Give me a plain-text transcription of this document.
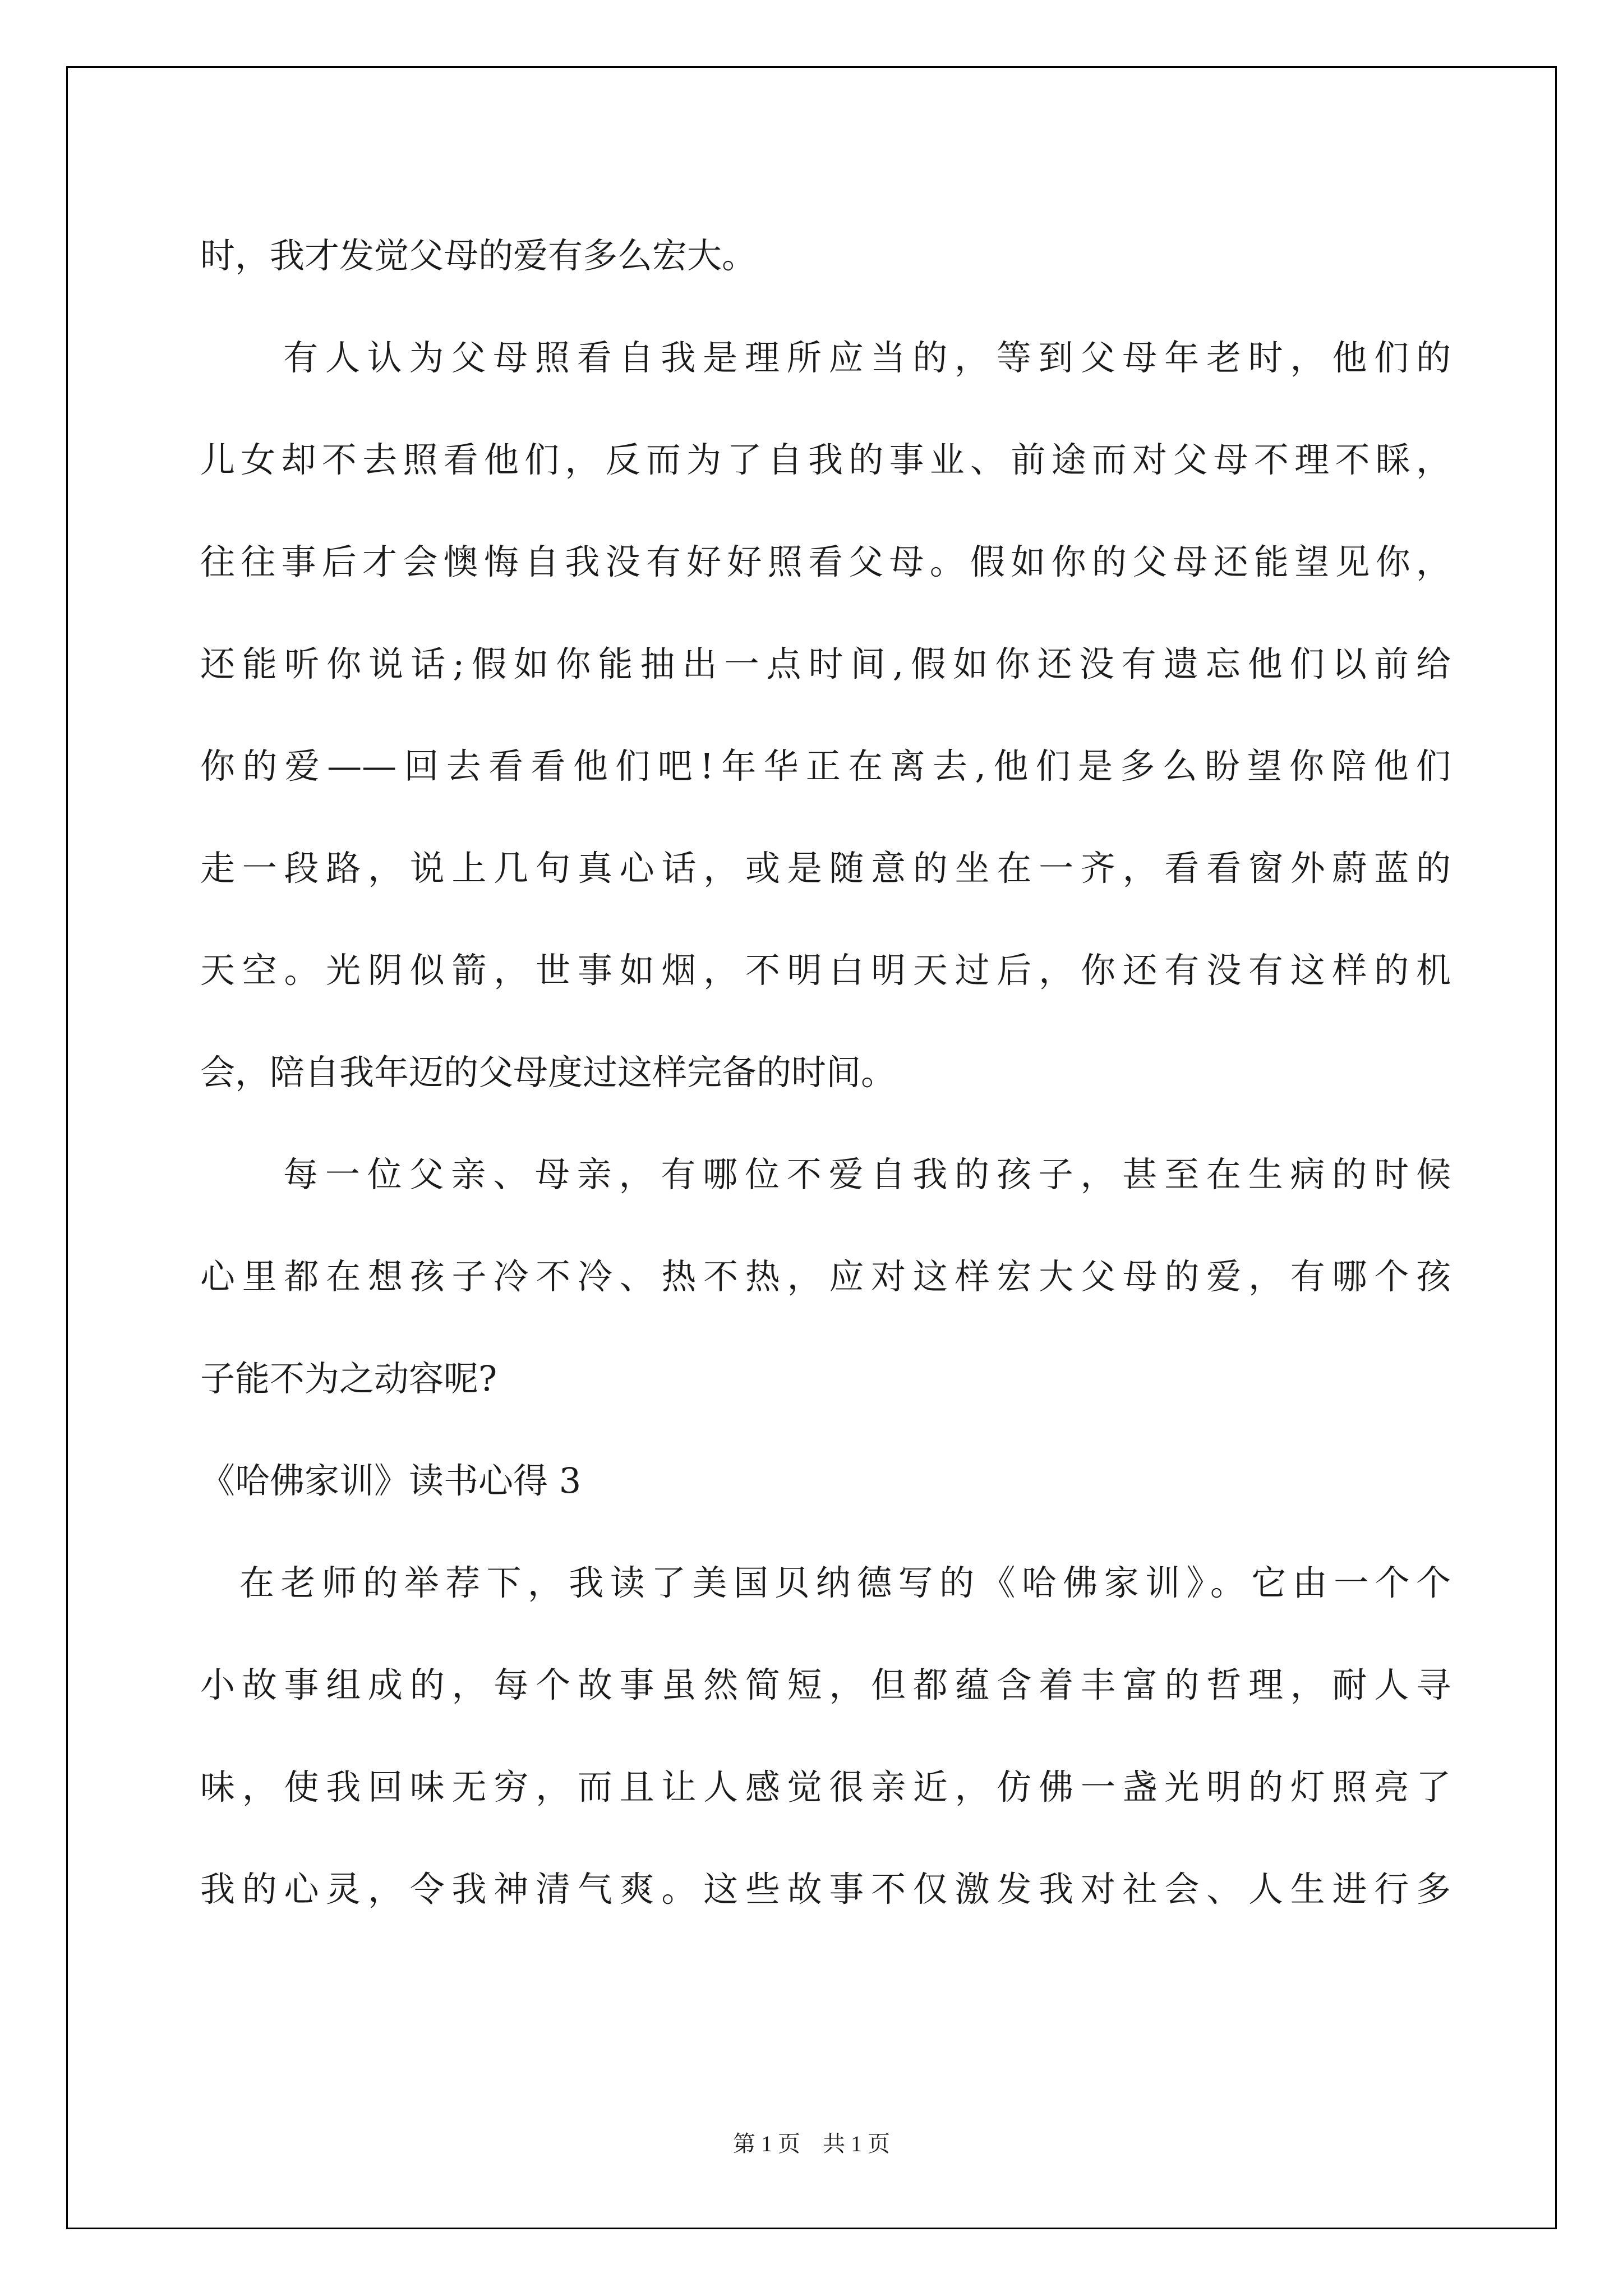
时，我才发觉父母的爱有多么宏大。

有人认为父母照看自我是理所应当的，等到父母年老时，他们的

儿女却不去照看他们，反而为了自我的事业、前途而对父母不理不睬，

往往事后才会懊悔自我没有好好照看父母。假如你的父母还能望见你，

还能听你说话;假如你能抽出一点时间,假如你还没有遗忘他们以前给

你的爱——回去看看他们吧!年华正在离去,他们是多么盼望你陪他们

走一段路，说上几句真心话，或是随意的坐在一齐，看看窗外蔚蓝的

天空。光阴似箭，世事如烟，不明白明天过后，你还有没有这样的机

会，陪自我年迈的父母度过这样完备的时间。

每一位父亲、母亲，有哪位不爱自我的孩子，甚至在生病的时候

心里都在想孩子冷不冷、热不热，应对这样宏大父母的爱，有哪个孩

子能不为之动容呢?

《哈佛家训》读书心得 3

在老师的举荐下，我读了美国贝纳德写的《哈佛家训》。它由一个个

小故事组成的，每个故事虽然简短，但都蕴含着丰富的哲理，耐人寻

味，使我回味无穷，而且让人感觉很亲近，仿佛一盏光明的灯照亮了

我的心灵，令我神清气爽。这些故事不仅激发我对社会、人生进行多

第 1 页　共 1 页
